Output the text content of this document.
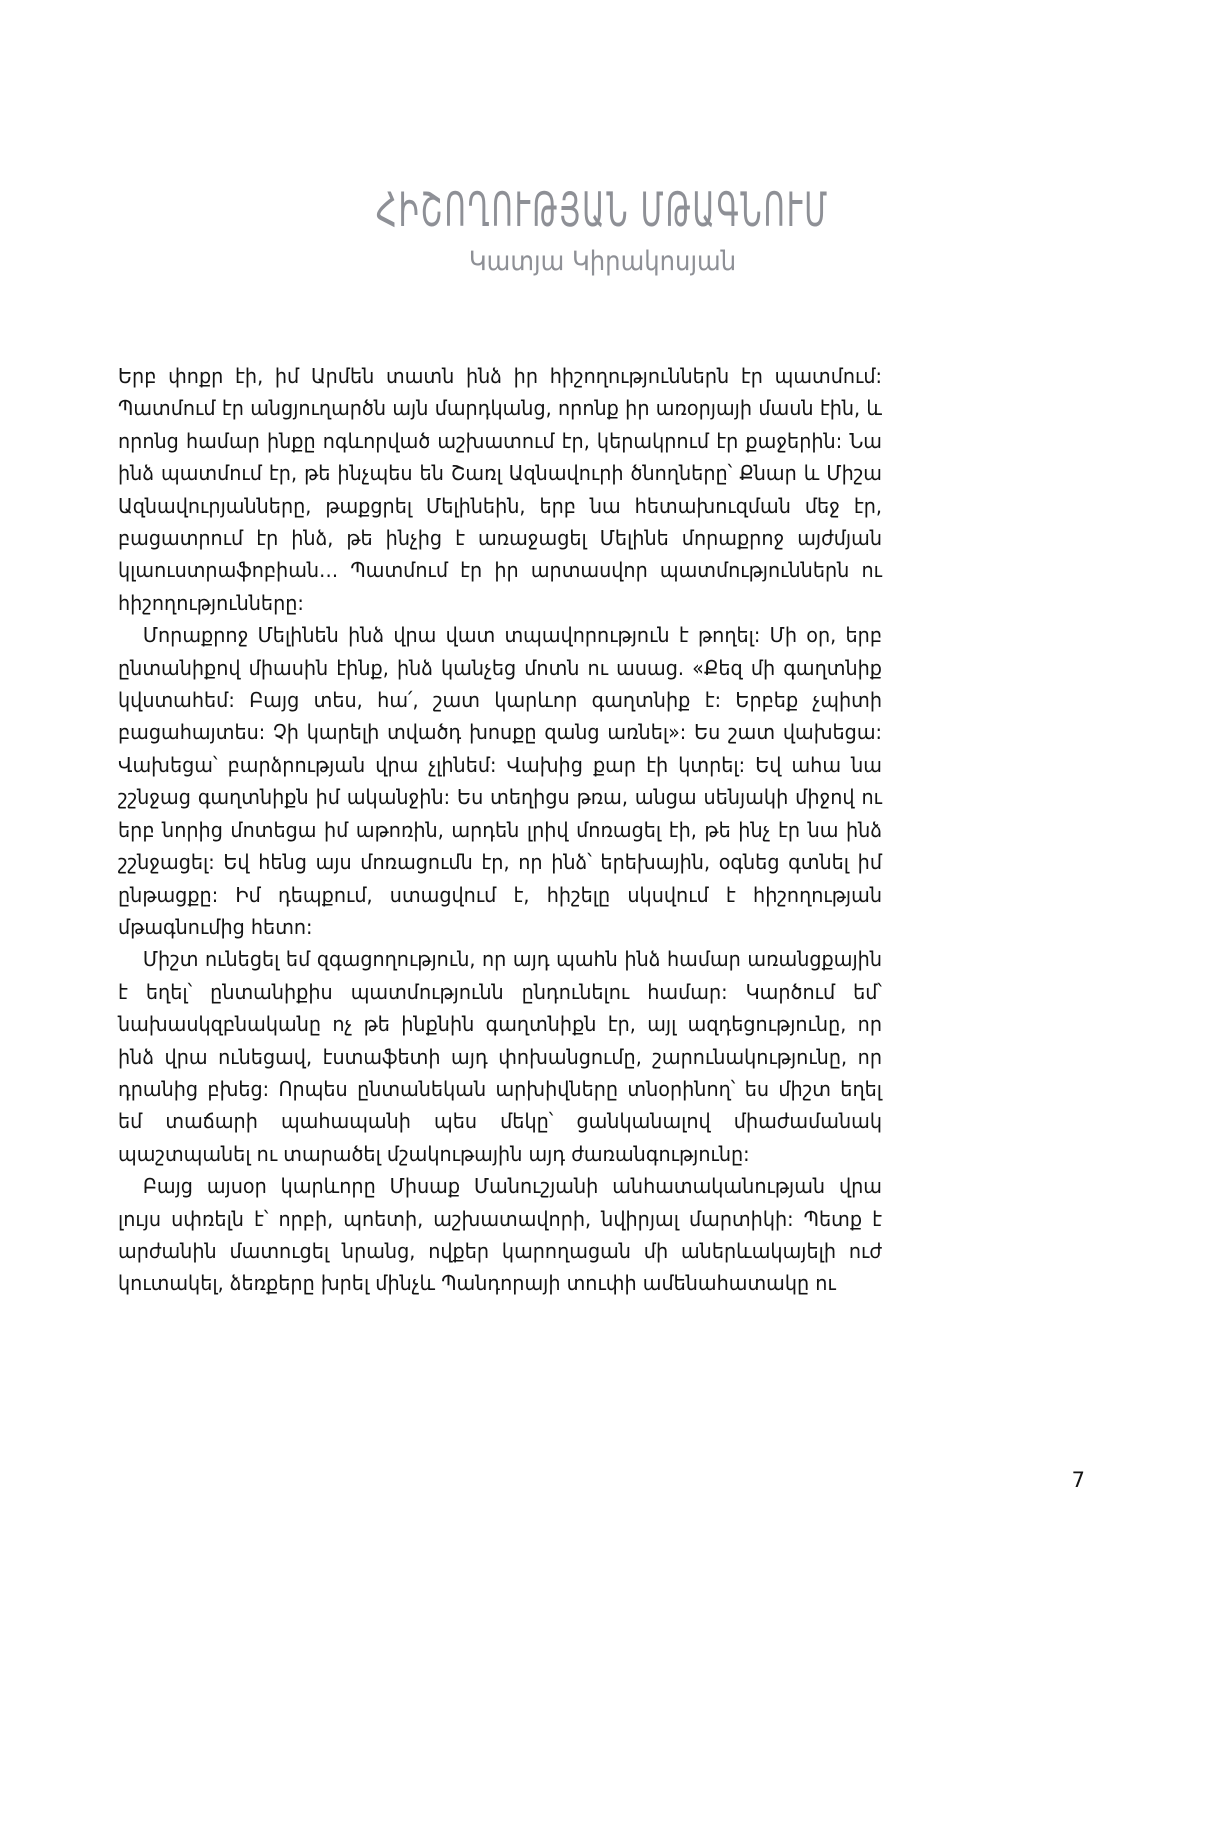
ՀԻՇՈՂՈՒԹՅԱՆ ՄԹԱԳՆՈՒՄ
Կատյա Կիրակոսյան

Երբ փոքր էի, իմ Արմեն տատն ինձ իր հիշողություններն էր պատմում: Պատմում էր անցյուղարծն այն մարդկանց, որոնք իր առօրյայի մասն էին, և որոնց համար ինքը ոգևորված աշխատում էր, կերակրում էր քաջերին: Նա ինձ պատմում էր, թե ինչպես են Շառլ Ազնավուրի ծնողները՝ Քնար և Միշա Ազնավուրյանները, թաքցրել Մելինեին, երբ նա հետախուզման մեջ էր, բացատրում էր ինձ, թե ինչից է առաջացել Մելինե մորաքրոջ այժմյան կլաուստրաֆոբիան… Պատմում էր իր արտասվոր պատմություններն ու հիշողությունները:

Մորաքրոջ Մելինեն ինձ վրա վատ տպավորություն է թողել: Մի օր, երբ ընտանիքով միասին էինք, ինձ կանչեց մոտն ու ասաց. «Քեզ մի գաղտնիք կվստահեմ: Բայց տես, հա՛, շատ կարևոր գաղտնիք է: Երբեք չպիտի բացահայտես: Չի կարելի տվածդ խոսքը զանց առնել»: Ես շատ վախեցա: Վախեցա՝ բարձրության վրա չլինեմ: Վախից քար էի կտրել: Եվ ահա նա շշնջաց գաղտնիքն իմ ականջին: Ես տեղիցս թռա, անցա սենյակի միջով ու երբ նորից մոտեցա իմ աթոռին, արդեն լրիվ մոռացել էի, թե ինչ էր նա ինձ շշնջացել: Եվ հենց այս մոռացումն էր, որ ինձ՝ երեխային, օգնեց գտնել իմ ընթացքը: Իմ դեպքում, ստացվում է, հիշելը սկսվում է հիշողության մթագնումից հետո:

Միշտ ունեցել եմ զգացողություն, որ այդ պահն ինձ համար առանցքային է եղել՝ ընտանիքիս պատմությունն ընդունելու համար: Կարծում եմ՝ նախասկզբնականը ոչ թե ինքնին գաղտնիքն էր, այլ ազդեցությունը, որ ինձ վրա ունեցավ, էստաֆետի այդ փոխանցումը, շարունակությունը, որ դրանից բխեց: Որպես ընտանեկան արխիվները տնօրինող՝ ես միշտ եղել եմ տաճարի պահապանի պես մեկը՝ ցանկանալով միաժամանակ պաշտպանել ու տարածել մշակութային այդ ժառանգությունը:

Բայց այսօր կարևորը Միսաք Մանուշյանի անհատականության վրա լույս սփռելն է՝ որբի, պոետի, աշխատավորի, նվիրյալ մարտիկի: Պետք է արժանին մատուցել նրանց, ովքեր կարողացան մի աներևակայելի ուժ կուտակել, ձեռքերը խրել մինչև Պանդորայի տուփի ամենահատակը ու

7
